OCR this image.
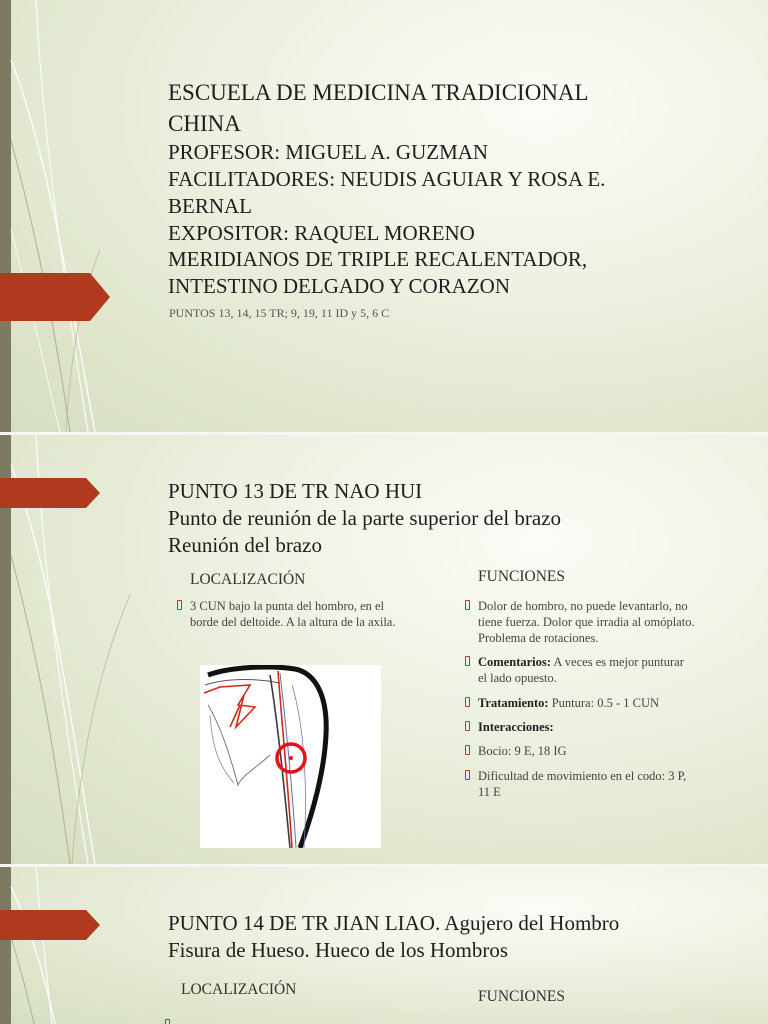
ESCUELA DE MEDICINA TRADICIONAL
CHINA
PROFESOR: MIGUEL A. GUZMAN
FACILITADORES: NEUDIS AGUIAR Y ROSA E.
BERNAL
EXPOSITOR: RAQUEL MORENO
MERIDIANOS DE TRIPLE RECALENTADOR,
INTESTINO DELGADO Y CORAZON
PUNTOS 13, 14, 15 TR; 9, 19, 11 ID y 5, 6 C
PUNTO 13 DE TR NAO HUI
Punto de reunión de la parte superior del brazo
Reunión del brazo
LOCALIZACIÓN
3 CUN bajo la punta del hombro, en el
borde del deltoide. A la altura de la axila.
FUNCIONES
Dolor de hombro, no puede levantarlo, no
tiene fuerza. Dolor que irradia al omóplato.
Problema de rotaciones.
Comentarios: A veces es mejor punturar
el lado opuesto.
Tratamiento: Puntura: 0.5 - 1 CUN
Interacciones:
Bocio: 9 E, 18 IG
Dificultad de movimiento en el codo: 3 P,
11 E
PUNTO 14 DE TR JIAN LIAO. Agujero del Hombro
Fisura de Hueso. Hueco de los Hombros
LOCALIZACIÓN	FUNCIONES
